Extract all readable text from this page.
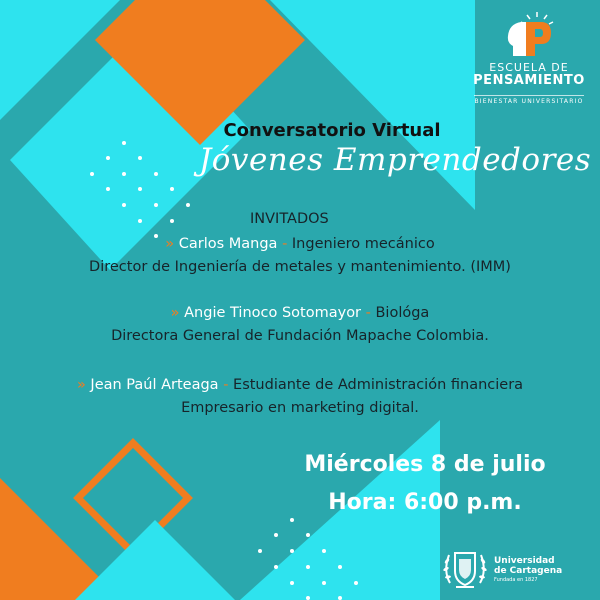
ESCUELA DE
PENSAMIENTO
BIENESTAR UNIVERSITARIO
Conversatorio Virtual
Jóvenes Emprendedores
INVITADOS
» Carlos Manga - Ingeniero mecánico
Director de Ingeniería de metales y mantenimiento. (IMM)
» Angie Tinoco Sotomayor - Biológa
Directora General de Fundación Mapache Colombia.
» Jean Paúl Arteaga - Estudiante de Administración financiera
Empresario en marketing digital.
Miércoles 8 de julio
Hora: 6:00 p.m.
Universidad
de Cartagena
Fundada en 1827
